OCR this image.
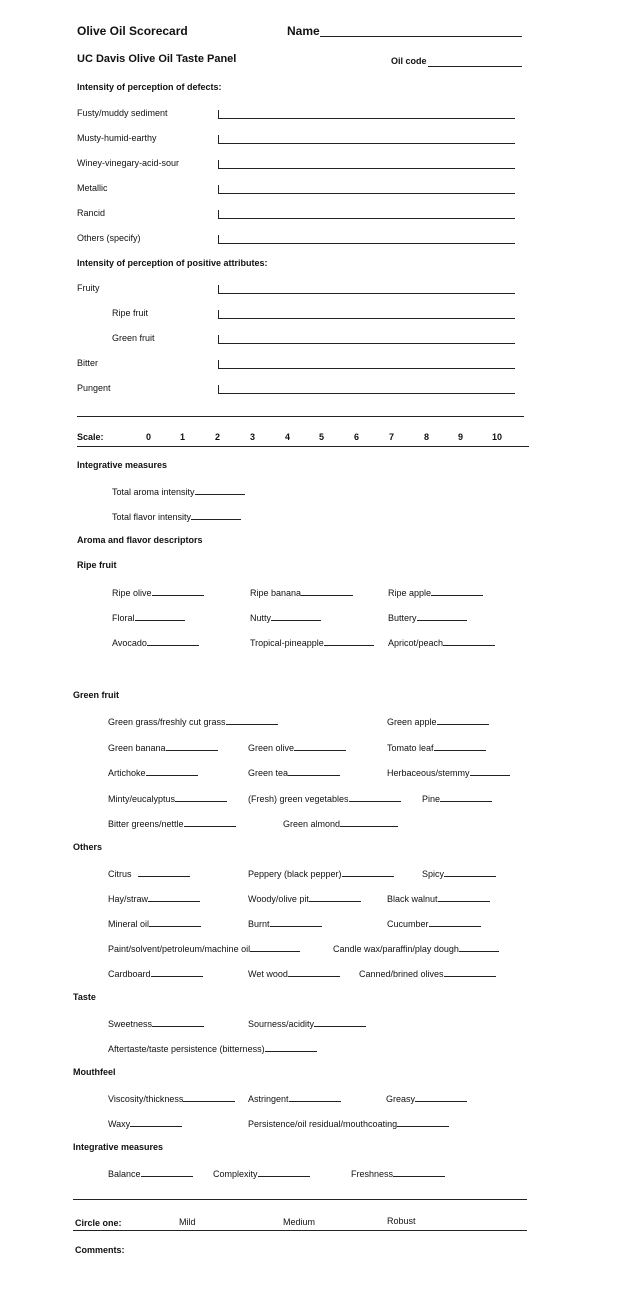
Olive Oil Scorecard	Name
UC Davis Olive Oil Taste Panel	Oil code
Intensity of perception of defects:
Fusty/muddy sediment
Musty-humid-earthy
Winey-vinegary-acid-sour
Metallic
Rancid
Others (specify)
Intensity of perception of positive attributes:
Fruity
Ripe fruit
Green fruit
Bitter
Pungent
Scale:	0	1	2	3	4	5	6	7	8	9	10
Integrative measures
Total aroma intensity
Total flavor intensity
Aroma and flavor descriptors
Ripe fruit
Ripe olive	Ripe banana	Ripe apple
Floral	Nutty	Buttery
Avocado	Tropical-pineapple	Apricot/peach
Green fruit
Green grass/freshly cut grass	Green apple
Green banana	Green olive	Tomato leaf
Artichoke	Green tea	Herbaceous/stemmy
Minty/eucalyptus	(Fresh) green vegetables	Pine
Bitter greens/nettle	Green almond
Others
Citrus	Peppery (black pepper)	Spicy
Hay/straw	Woody/olive pit	Black walnut
Mineral oil	Burnt	Cucumber
Paint/solvent/petroleum/machine oil	Candle wax/paraffin/play dough
Cardboard	Wet wood	Canned/brined olives
Taste
Sweetness	Sourness/acidity
Aftertaste/taste persistence (bitterness)
Mouthfeel
Viscosity/thickness	Astringent	Greasy
Waxy	Persistence/oil residual/mouthcoating
Integrative measures
Balance	Complexity	Freshness
Circle one:	Mild	Medium	Robust
Comments:
